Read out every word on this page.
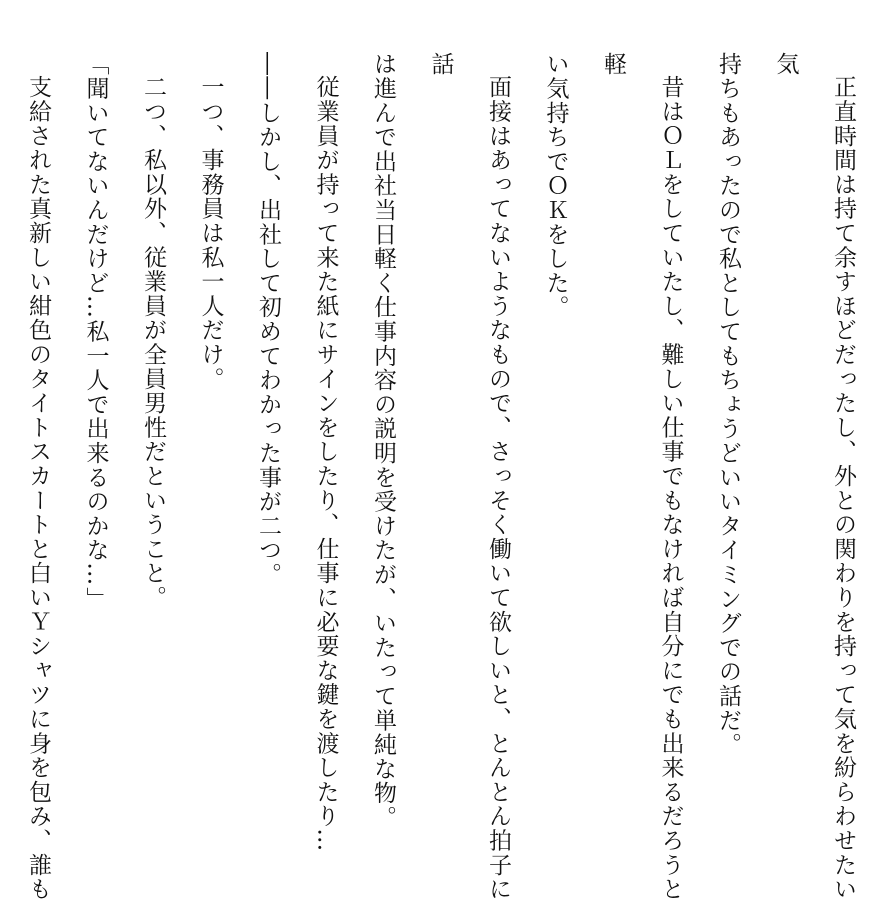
正直時間は持て余すほどだったし、外との関わりを持って気を紛らわせたい気
持ちもあったので私としてもちょうどいいタイミングでの話だ。
昔はＯＬをしていたし、難しい仕事でもなければ自分にでも出来るだろうと軽
い気持ちでＯＫをした。
面接はあってないようなもので、さっそく働いて欲しいと、とんとん拍子に話
は進んで出社当日軽く仕事内容の説明を受けたが、いたって単純な物。
従業員が持って来た紙にサインをしたり、仕事に必要な鍵を渡したり…
――しかし、出社して初めてわかった事が二つ。
一つ、事務員は私一人だけ。
二つ、私以外、従業員が全員男性だということ。
「聞いてないんだけど…私一人で出来るのかな…」
支給された真新しい紺色のタイトスカートと白いＹシャツに身を包み、誰も
